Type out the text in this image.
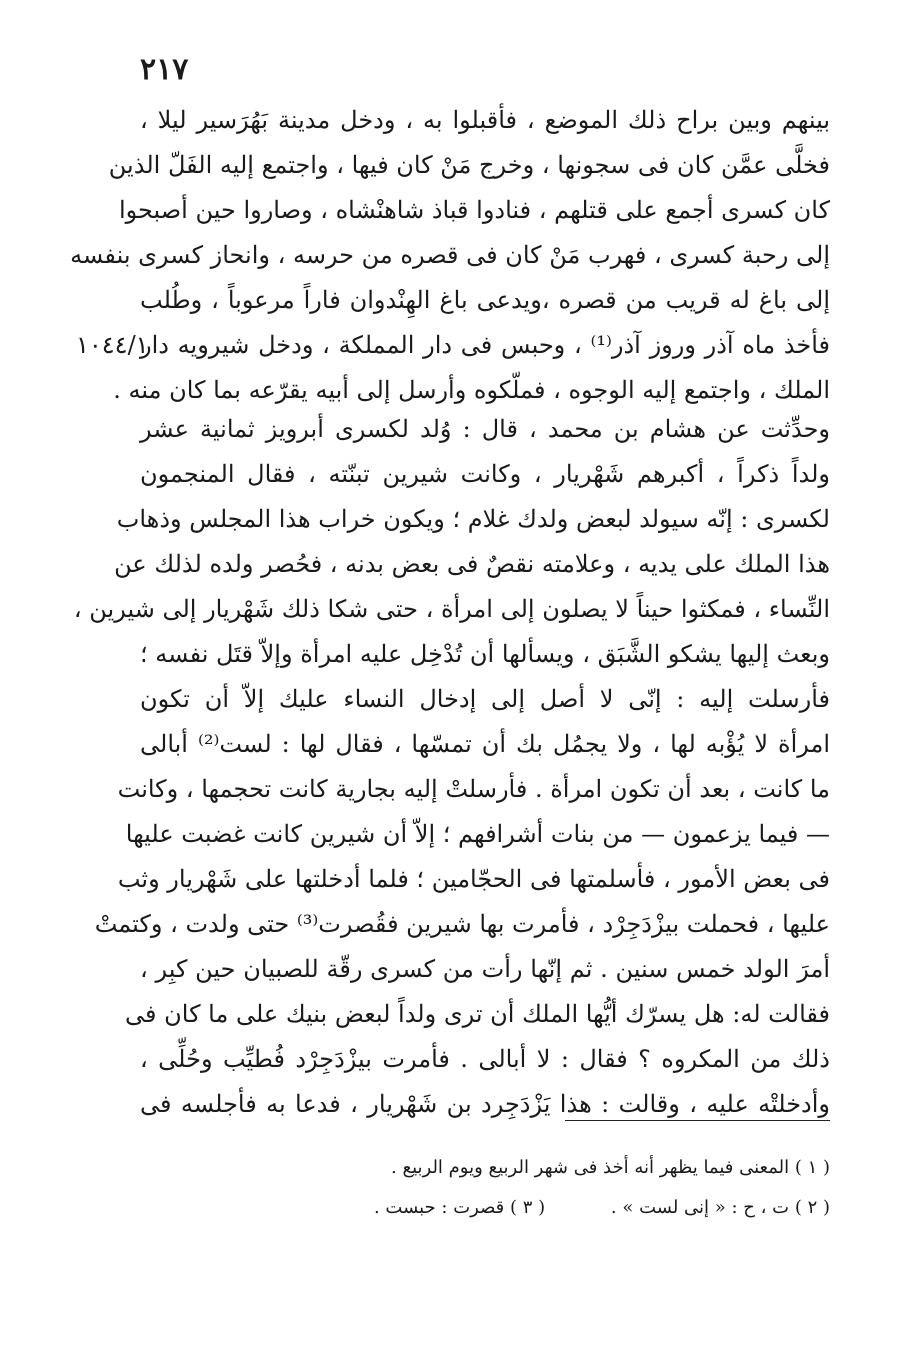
٢١٧
١٠٤٤/١
بينهم وبين براح ذلك الموضع ، فأقبلوا به ، ودخل مدينة بَهُرَسير ليلا ،
فخلَّى عمَّن كان فى سجونها ، وخرج مَنْ كان فيها ، واجتمع إليه الفَلّ الذين
كان كسرى أجمع على قتلهم ، فنادوا قباذ شاهنْشاه ، وصاروا حين أصبحوا
إلى رحبة كسرى ، فهرب مَنْ كان فى قصره من حرسه ، وانحاز كسرى بنفسه
إلى باغ له قريب من قصره ،ويدعى باغ الهِنْدوان فاراً مرعوباً ، وطُلب
فأخذ ماه آذر وروز آذر⁽¹⁾ ، وحبس فى دار المملكة ، ودخل شيرويه دار
الملك ، واجتمع إليه الوجوه ، فملّكوه وأرسل إلى أبيه يقرّعه بما كان منه .
وحدِّثت عن هشام بن محمد ، قال : وُلد لكسرى أبرويز ثمانية عشر
ولداً ذكراً ، أكبرهم شَهْريار ، وكانت شيرين تبنّته ، فقال المنجمون
لكسرى : إنّه سيولد لبعض ولدك غلام ؛ ويكون خراب هذا المجلس وذهاب
هذا الملك على يديه ، وعلامته نقصٌ فى بعض بدنه ، فحُصر ولده لذلك عن
النِّساء ، فمكثوا حيناً لا يصلون إلى امرأة ، حتى شكا ذلك شَهْريار إلى شيرين ،
وبعث إليها يشكو الشَّبَق ، ويسألها أن تُدْخِل عليه امرأة وإلاّ قتَل نفسه ؛
فأرسلت إليه : إنّى لا أصل إلى إدخال النساء عليك إلاّ أن تكون
امرأة لا يُؤْبه لها ، ولا يجمُل بك أن تمسّها ، فقال لها : لست⁽²⁾ أبالى
ما كانت ، بعد أن تكون امرأة . فأرسلتْ إليه بجارية كانت تحجمها ، وكانت
— فيما يزعمون — من بنات أشرافهم ؛ إلاّ أن شيرين كانت غضبت عليها
فى بعض الأمور ، فأسلمتها فى الحجّامين ؛ فلما أدخلتها على شَهْريار وثب
عليها ، فحملت بيزْدَجِرْد ، فأمرت بها شيرين فقُصرت⁽³⁾ حتى ولدت ، وكتمتْ
أمرَ الولد خمس سنين . ثم إنّها رأت من كسرى رقّة للصبيان حين كبِر ،
فقالت له: هل يسرّك أيُّها الملك أن ترى ولداً لبعض بنيك على ما كان فى
ذلك من المكروه ؟ فقال : لا أبالى . فأمرت بيزْدَجِرْد فُطيِّب وحُلِّى ،
وأدخلتْه عليه ، وقالت : هذا يَزْدَجِرد بن شَهْريار ، فدعا به فأجلسه فى
( ١ ) المعنى فيما يظهر أنه أخذ فى شهر الربيع ويوم الربيع .
( ٢ ) ت ، ح : « إنى لست » . ( ٣ ) قصرت : حبست .
